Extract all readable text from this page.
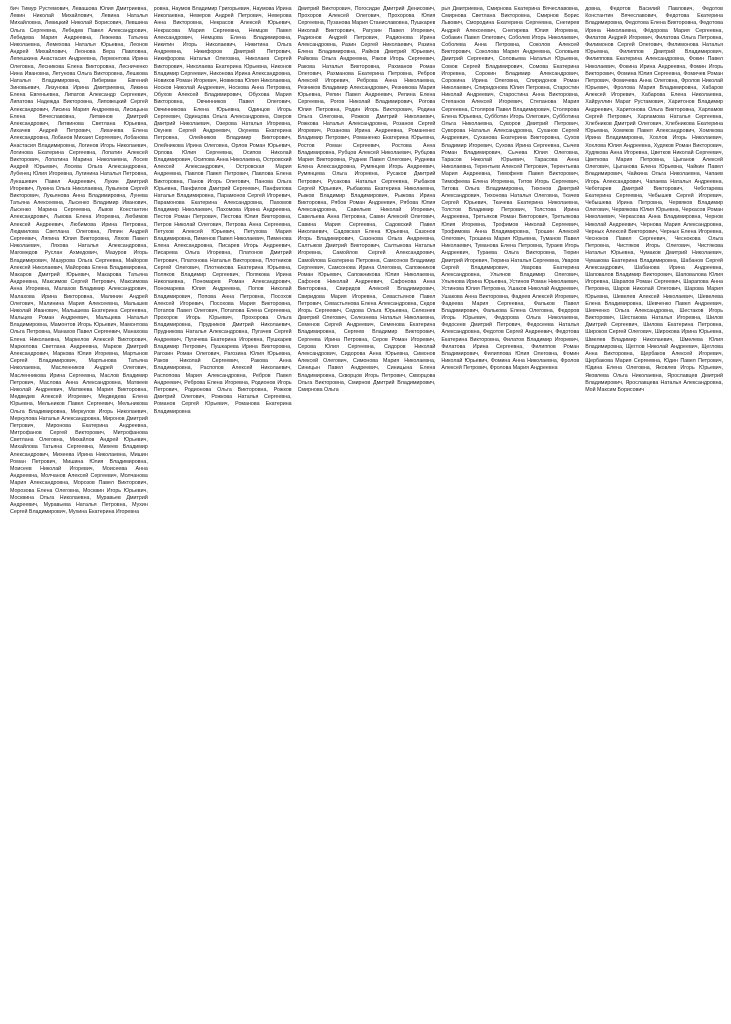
бич Тимур Рустемович, Левашова Юлия Дмитриевна, Левин Николай Михайлович, Левина Наталья Михайловна, Левицкий Николай Борисович, Левшина Ольга Сергеевна, Лебедев Павел Александрович, Лебедева Мария Андреевна, Лежнева Татьяна Николаевна, Лемехова Наталья Юрьевна, Леонов Андрей Михайлович, Леонова Вера Павловна, Лепешкина Анастасия Андреевна, Лермонтова Ирина Олеговна, Лесникова Елена Викторовна, Лесниченко Нина Ивановна, Летунова Ольга Викторовна, Лешкова Наталья Владимировна, Либерман Евгений Зиновьевич, Лизунова Ирина Дмитриевна, Ликина Елена Евгеньевна, Липатов Александр Сергеевич, Липатова Надежда Викторовна, Липовецкий Сергей Александрович, Лисина Мария Андреевна, Лисицына Елена Вячеславовна, Литвинов Дмитрий Александрович, Литвинова Светлана Юрьевна, Лихачев Андрей Петрович, Лихачева Елена Александровна, Лобанов Михаил Сергеевич, Лобанова Анастасия Владимировна, Логинов Игорь Николаевич, Логинова Екатерина Сергеевна, Лопатин Алексей Викторович, Лопатина Марина Николаевна, Лосев Андрей Юрьевич, Лосева Ольга Александровна, Лубенец Юлия Игоревна, Лугинина Наталья Петровна, Лукашевич Павел Андреевич, Лукин Дмитрий Игоревич, Лукина Ольга Николаевна, Лукьянов Сергей Викторович, Лукьянова Анна Владимировна, Лунева Татьяна Алексеевна, Лысенко Владимир Иванович, Лысенко Марина Сергеевна, Львов Константин Александрович, Львова Елена Игоревна, Любимов Алексей Андреевич, Любимова Ирина Петровна, Людмилова Светлана Олеговна, Ляпин Андрей Сергеевич, Ляпина Юлия Викторовна, Ляхов Павел Николаевич, Ляхова Наталья Александровна, Магомедов Руслан Ахмедович, Мазуров Игорь Владимирович, Мазурова Ольга Сергеевна, Майоров Алексей Николаевич, Майорова Елена Владимировна, Макаров Дмитрий Юрьевич, Макарова Татьяна Андреевна, Максимов Сергей Петрович, Максимова Анна Игоревна, Малахов Владимир Александрович, Малахова Ирина Викторовна, Малинин Андрей Олегович, Малинина Мария Алексеевна, Малышев Николай Иванович, Малышева Екатерина Сергеевна, Мальцев Роман Андреевич, Мальцева Наталья Владимировна, Мамонтов Игорь Юрьевич, Мамонтова Ольга Петровна, Манахов Павел Сергеевич, Манахова Елена Николаевна, Маркелов Алексей Викторович, Маркелова Светлана Андреевна, Марков Дмитрий Александрович, Маркова Юлия Игоревна, Мартынов Сергей Владимирович, Мартынова Татьяна Николаевна, Масленников Андрей Олегович, Масленникова Ирина Сергеевна, Маслов Владимир Петрович, Маслова Анна Александровна, Матвеев Николай Андреевич, Матвеева Мария Викторовна, Медведев Алексей Игоревич, Медведева Елена Юрьевна, Мельников Павел Сергеевич, Мельникова Ольга Владимировна, Меркулов Игорь Николаевич, Меркулова Наталья Александровна, Миронов Дмитрий Петрович, Миронова Екатерина Андреевна, Митрофанов Сергей Викторович, Митрофанова Светлана Олеговна, Михайлов Андрей Юрьевич, Михайлова Татьяна Сергеевна, Михеев Владимир Александрович, Михеева Ирина Николаевна, Мишин Роман Петрович, Мишина Юлия Владимировна, Моисеев Николай Игоревич, Моисеева Анна Андреевна, Молчанов Алексей Сергеевич, Молчанова Мария Александровна, Морозов Павел Викторович, Морозова Елена Олеговна, Москвин Игорь Юрьевич, Москвина Ольга Николаевна, Муравьев Дмитрий Андреевич, Муравьева Наталья Петровна, Мухин Сергей Владимирович, Мухина Екатерина Игоревна

ровна, Наумов Владимир Григорьевич, Наумова Ирина Николаевна, Неверов Андрей Петрович, Неверова Анна Викторовна, Некрасов Алексей Юрьевич, Некрасова Мария Сергеевна, Немцов Павел Александрович, Немцова Елена Владимировна, Никитин Игорь Николаевич, Никитина Ольга Андреевна, Никифоров Дмитрий Петрович, Никифорова Наталья Олеговна, Николаев Сергей Викторович, Николаева Екатерина Юрьевна, Никонов Владимир Сергеевич, Никонова Ирина Александровна, Новиков Роман Игоревич, Новикова Юлия Николаевна, Носков Николай Андреевич, Носкова Анна Петровна, Обухов Алексей Владимирович, Обухова Мария Викторовна, Овчинников Павел Олегович, Овчинникова Елена Юрьевна, Одинцов Игорь Сергеевич, Одинцова Ольга Александровна, Озеров Дмитрий Николаевич, Озерова Наталья Игоревна, Окунев Сергей Андреевич, Окунева Екатерина Петровна, Олейников Владимир Викторович, Олейникова Ирина Олеговна, Орлов Роман Юрьевич, Орлова Юлия Сергеевна, Осипов Николай Владимирович, Осипова Анна Николаевна, Островский Алексей Александрович, Островская Мария Андреевна, Павлов Павел Петрович, Павлова Елена Викторовна, Панов Игорь Олегович, Панова Ольга Юрьевна, Панфилов Дмитрий Сергеевич, Панфилова Наталья Владимировна, Парамонов Сергей Игоревич, Парамонова Екатерина Александровна, Пахомов Владимир Николаевич, Пахомова Ирина Андреевна, Пестов Роман Петрович, Пестова Юлия Викторовна, Петров Николай Олегович, Петрова Анна Сергеевна, Петухов Алексей Юрьевич, Петухова Мария Владимировна, Пименов Павел Николаевич, Пименова Елена Александровна, Писарев Игорь Андреевич, Писарева Ольга Игоревна, Платонов Дмитрий Петрович, Платонова Наталья Викторовна, Плотников Сергей Олегович, Плотникова Екатерина Юрьевна, Поляков Владимир Сергеевич, Полякова Ирина Николаевна, Пономарев Роман Александрович, Пономарева Юлия Андреевна, Попов Николай Владимирович, Попова Анна Петровна, Посохов Алексей Игоревич, Посохова Мария Викторовна, Потапов Павел Олегович, Потапова Елена Сергеевна, Прохоров Игорь Юрьевич, Прохорова Ольга Владимировна, Прудников Дмитрий Николаевич, Прудникова Наталья Александровна, Пугачев Сергей Андреевич, Пугачева Екатерина Игоревна, Пушкарев Владимир Петрович, Пушкарева Ирина Викторовна, Рагозин Роман Олегович, Рагозина Юлия Юрьевна, Раков Николай Сергеевич, Ракова Анна Владимировна, Распопов Алексей Николаевич, Распопова Мария Александровна, Ребров Павел Андреевич, Реброва Елена Игоревна, Родионов Игорь Петрович, Родионова Ольга Викторовна, Рожков Дмитрий Олегович, Рожкова Наталья Сергеевна, Романов Сергей Юрьевич, Романова Екатерина Владимировна

Дмитрий Викторович, Погосидзе Дмитрий Денисович, Прохоров Алексей Олегович, Прохорова Юлия Сергеевна, Пузанова Мария Станиславовна, Пушкарев Николай Викторович, Рагузин Павел Игоревич, Радионов Андрей Петрович, Радионова Ирина Александровна, Разин Сергей Николаевич, Разина Елена Владимировна, Райков Дмитрий Юрьевич, Райкова Ольга Андреевна, Раков Игорь Сергеевич, Ракова Наталья Викторовна, Рахманов Роман Олегович, Рахманова Екатерина Петровна, Ребров Алексей Игоревич, Реброва Анна Николаевна, Резников Владимир Александрович, Резникова Мария Юрьевна, Репин Павел Андреевич, Репина Елена Сергеевна, Рогов Николай Владимирович, Рогова Юлия Петровна, Родин Игорь Викторович, Родина Ольга Олеговна, Рожков Дмитрий Николаевич, Рожкова Наталья Александровна, Розанов Сергей Игоревич, Розанова Ирина Андреевна, Романенко Владимир Петрович, Романенко Екатерина Юрьевна, Ростов Роман Сергеевич, Ростова Анна Владимировна, Рубцов Алексей Николаевич, Рубцова Мария Викторовна, Руднев Павел Олегович, Руднева Елена Александровна, Румянцев Игорь Андреевич, Румянцева Ольга Игоревна, Русаков Дмитрий Петрович, Русакова Наталья Сергеевна, Рыбаков Сергей Юрьевич, Рыбакова Екатерина Николаевна, Рыжов Владимир Владимирович, Рыжова Ирина Викторовна, Рябов Роман Андреевич, Рябова Юлия Александровна, Савельев Николай Игоревич, Савельева Анна Петровна, Савин Алексей Олегович, Савина Мария Сергеевна, Садовский Павел Николаевич, Садовская Елена Юрьевна, Сазонов Игорь Владимирович, Сазонова Ольга Андреевна, Салтыков Дмитрий Викторович, Салтыкова Наталья Игоревна, Самойлов Сергей Александрович, Самойлова Екатерина Петровна, Самсонов Владимир Сергеевич, Самсонова Ирина Олеговна, Сапожников Роман Юрьевич, Сапожникова Юлия Николаевна, Сафонов Николай Андреевич, Сафонова Анна Викторовна, Свиридов Алексей Владимирович, Свиридова Мария Игоревна, Севастьянов Павел Петрович, Севастьянова Елена Александровна, Седов Игорь Сергеевич, Седова Ольга Юрьевна, Селезнев Дмитрий Олегович, Селезнева Наталья Николаевна, Семенов Сергей Андреевич, Семенова Екатерина Владимировна, Сергеев Владимир Викторович, Сергеева Ирина Петровна, Серов Роман Игоревич, Серова Юлия Сергеевна, Сидоров Николай Александрович, Сидорова Анна Юрьевна, Симонов Алексей Олегович, Симонова Мария Николаевна, Синицын Павел Андреевич, Синицына Елена Владимировна, Скворцов Игорь Петрович, Скворцова Ольга Викторовна, Смирнов Дмитрий Владимирович, Смирнова Ольга

рья Дмитриевна, Смирнова Екатерина Вячеславовна, Смирнова Светлана Викторовна, Смирнов Борис Львович, Смородина Екатерина Сергеевна, Снегирев Андрей Алексеевич, Снегирева Юлия Игоревна, Собакин Павел Олегович, Соболев Игорь Николаевич, Соболева Анна Петровна, Соколов Алексей Викторович, Соколова Мария Андреевна, Соловьев Дмитрий Сергеевич, Соловьева Наталья Юрьевна, Сомов Сергей Владимирович, Сомова Екатерина Игоревна, Сорокин Владимир Александрович, Сорокина Ирина Олеговна, Спиридонов Роман Николаевич, Спиридонова Юлия Петровна, Старостин Николай Андреевич, Старостина Анна Викторовна, Степанов Алексей Игоревич, Степанова Мария Сергеевна, Столяров Павел Владимирович, Столярова Елена Юрьевна, Субботин Игорь Олегович, Субботина Ольга Николаевна, Суворов Дмитрий Петрович, Суворова Наталья Александровна, Суханов Сергей Андреевич, Суханова Екатерина Викторовна, Сухов Владимир Игоревич, Сухова Ирина Сергеевна, Сычев Роман Владимирович, Сычева Юлия Олеговна, Тарасов Николай Юрьевич, Тарасова Анна Николаевна, Терентьев Алексей Петрович, Терентьева Мария Андреевна, Тимофеев Павел Викторович, Тимофеева Елена Игоревна, Титов Игорь Сергеевич, Титова Ольга Владимировна, Тихонов Дмитрий Александрович, Тихонова Наталья Олеговна, Ткачев Сергей Юрьевич, Ткачева Екатерина Николаевна, Толстов Владимир Петрович, Толстова Ирина Андреевна, Третьяков Роман Викторович, Третьякова Юлия Игоревна, Трофимов Николай Сергеевич, Трофимова Анна Владимировна, Трошин Алексей Олегович, Трошина Мария Юрьевна, Туманов Павел Николаевич, Туманова Елена Петровна, Тураев Игорь Андреевич, Тураева Ольга Викторовна, Тюрин Дмитрий Игоревич, Тюрина Наталья Сергеевна, Уваров Сергей Владимирович, Уварова Екатерина Александровна, Ульянов Владимир Олегович, Ульянова Ирина Юрьевна, Устинов Роман Николаевич, Устинова Юлия Петровна, Ушаков Николай Андреевич, Ушакова Анна Викторовна, Фадеев Алексей Игоревич, Фадеева Мария Сергеевна, Фальков Павел Владимирович, Фалькова Елена Олеговна, Федоров Игорь Юрьевич, Федорова Ольга Николаевна, Федосеев Дмитрий Петрович, Федосеева Наталья Александровна, Федотов Сергей Андреевич, Федотова Екатерина Викторовна, Филатов Владимир Игоревич, Филатова Ирина Сергеевна, Филиппов Роман Владимирович, Филиппова Юлия Олеговна, Фомин Николай Юрьевич, Фомина Анна Николаевна, Фролов Алексей Петрович, Фролова Мария Андреевна

довна, Федотов Василий Павлович, Федотов Константин Вячеславович, Федотова Екатерина Владимировна, Федотова Елена Викторовна, Федотова Ирина Николаевна, Фёдорова Мария Сергеевна, Филатов Андрей Игоревич, Филатова Ольга Петровна, Филимонов Сергей Олегович, Филимонова Наталья Юрьевна, Филиппов Дмитрий Владимирович, Филиппова Екатерина Александровна, Фокин Павел Николаевич, Фокина Ирина Андреевна, Фомин Игорь Викторович, Фомина Юлия Сергеевна, Фомичев Роман Петрович, Фомичева Анна Олеговна, Фролов Николай Юрьевич, Фролова Мария Владимировна, Хабаров Алексей Игоревич, Хабарова Елена Николаевна, Хайруллин Марат Рустамович, Харитонов Владимир Андреевич, Харитонова Ольга Викторовна, Харламов Сергей Петрович, Харламова Наталья Сергеевна, Хлебников Дмитрий Олегович, Хлебникова Екатерина Юрьевна, Хомяков Павел Александрович, Хомякова Ирина Владимировна, Хохлов Игорь Николаевич, Хохлова Юлия Андреевна, Худяков Роман Викторович, Худякова Анна Игоревна, Цветков Николай Сергеевич, Цветкова Мария Петровна, Цыганов Алексей Олегович, Цыганова Елена Юрьевна, Чайкин Павел Владимирович, Чайкина Ольга Николаевна, Чапаев Игорь Александрович, Чапаева Наталья Андреевна, Чеботарев Дмитрий Викторович, Чеботарева Екатерина Сергеевна, Чебышев Сергей Игоревич, Чебышева Ирина Петровна, Червяков Владимир Олегович, Червякова Юлия Юрьевна, Черкасов Роман Николаевич, Черкасова Анна Владимировна, Чернов Николай Андреевич, Чернова Мария Александровна, Черных Алексей Викторович, Черных Елена Игоревна, Чесноков Павел Сергеевич, Чеснокова Ольга Петровна, Чистяков Игорь Олегович, Чистякова Наталья Юрьевна, Чумаков Дмитрий Николаевич, Чумакова Екатерина Владимировна, Шабанов Сергей Александрович, Шабанова Ирина Андреевна, Шаповалов Владимир Викторович, Шаповалова Юлия Игоревна, Шарапов Роман Сергеевич, Шарапова Анна Петровна, Шаров Николай Олегович, Шарова Мария Юрьевна, Шевелев Алексей Николаевич, Шевелева Елена Владимировна, Шевченко Павел Андреевич, Шевченко Ольга Александровна, Шестаков Игорь Викторович, Шестакова Наталья Игоревна, Шилов Дмитрий Сергеевич, Шилова Екатерина Петровна, Широков Сергей Олегович, Широкова Ирина Юрьевна, Шмелев Владимир Николаевич, Шмелева Юлия Владимировна, Щеглов Николай Андреевич, Щеглова Анна Викторовна, Щербаков Алексей Игоревич, Щербакова Мария Сергеевна, Юдин Павел Петрович, Юдина Елена Олеговна, Яковлев Игорь Юрьевич, Яковлева Ольга Николаевна, Ярославцев Дмитрий Владимирович, Ярославцева Наталья Александровна, Мой Максим Борисович
